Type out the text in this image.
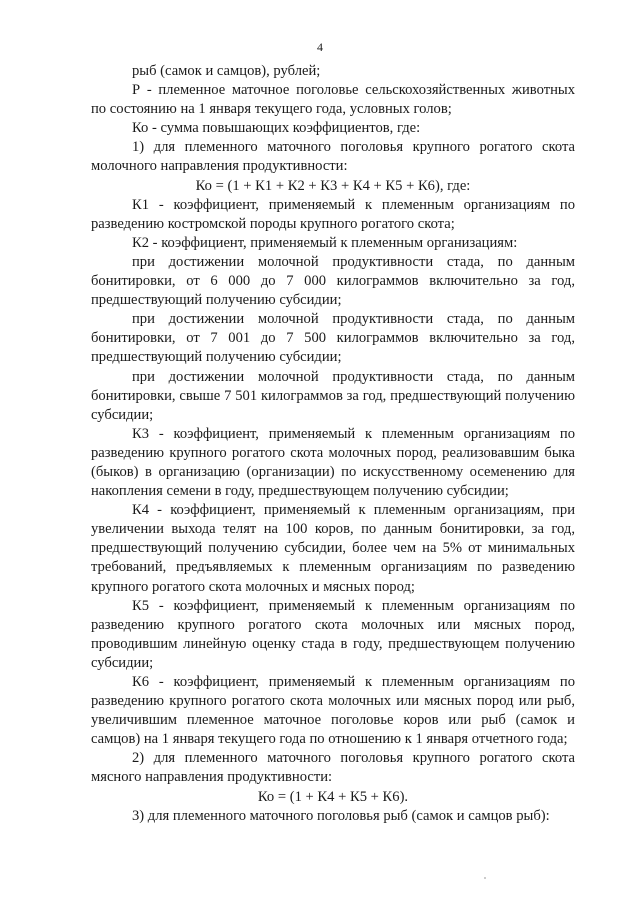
4

рыб (самок и самцов), рублей;

Р - племенное маточное поголовье сельскохозяйственных животных по состоянию на 1 января текущего года, условных голов;

Ко - сумма повышающих коэффициентов, где:

1) для племенного маточного поголовья крупного рогатого скота молочного направления продуктивности:

Ко = (1 + К1 + К2 + К3 + К4 + К5 + К6), где:

К1 - коэффициент, применяемый к племенным организациям по разведению костромской породы крупного рогатого скота;

К2 - коэффициент, применяемый к племенным организациям:

при достижении молочной продуктивности стада, по данным бонитировки, от 6 000 до 7 000 килограммов включительно за год, предшествующий получению субсидии;

при достижении молочной продуктивности стада, по данным бонитировки, от 7 001 до 7 500 килограммов включительно за год, предшествующий получению субсидии;

при достижении молочной продуктивности стада, по данным бонитировки, свыше 7 501 килограммов за год, предшествующий получению субсидии;

К3 - коэффициент, применяемый к племенным организациям по разведению крупного рогатого скота молочных пород, реализовавшим быка (быков) в организацию (организации) по искусственному осеменению для накопления семени в году, предшествующем получению субсидии;

К4 - коэффициент, применяемый к племенным организациям, при увеличении выхода телят на 100 коров, по данным бонитировки, за год, предшествующий получению субсидии, более чем на 5% от минимальных требований, предъявляемых к племенным организациям по разведению крупного рогатого скота молочных и мясных пород;

К5 - коэффициент, применяемый к племенным организациям по разведению крупного рогатого скота молочных или мясных пород, проводившим линейную оценку стада в году, предшествующем получению субсидии;

К6 - коэффициент, применяемый к племенным организациям по разведению крупного рогатого скота молочных или мясных пород или рыб, увеличившим племенное маточное поголовье коров или рыб (самок и самцов) на 1 января текущего года по отношению к 1 января отчетного года;

2) для племенного маточного поголовья крупного рогатого скота мясного направления продуктивности:

Ко = (1 + К4 + К5 + К6).

3) для племенного маточного поголовья рыб (самок и самцов рыб):
